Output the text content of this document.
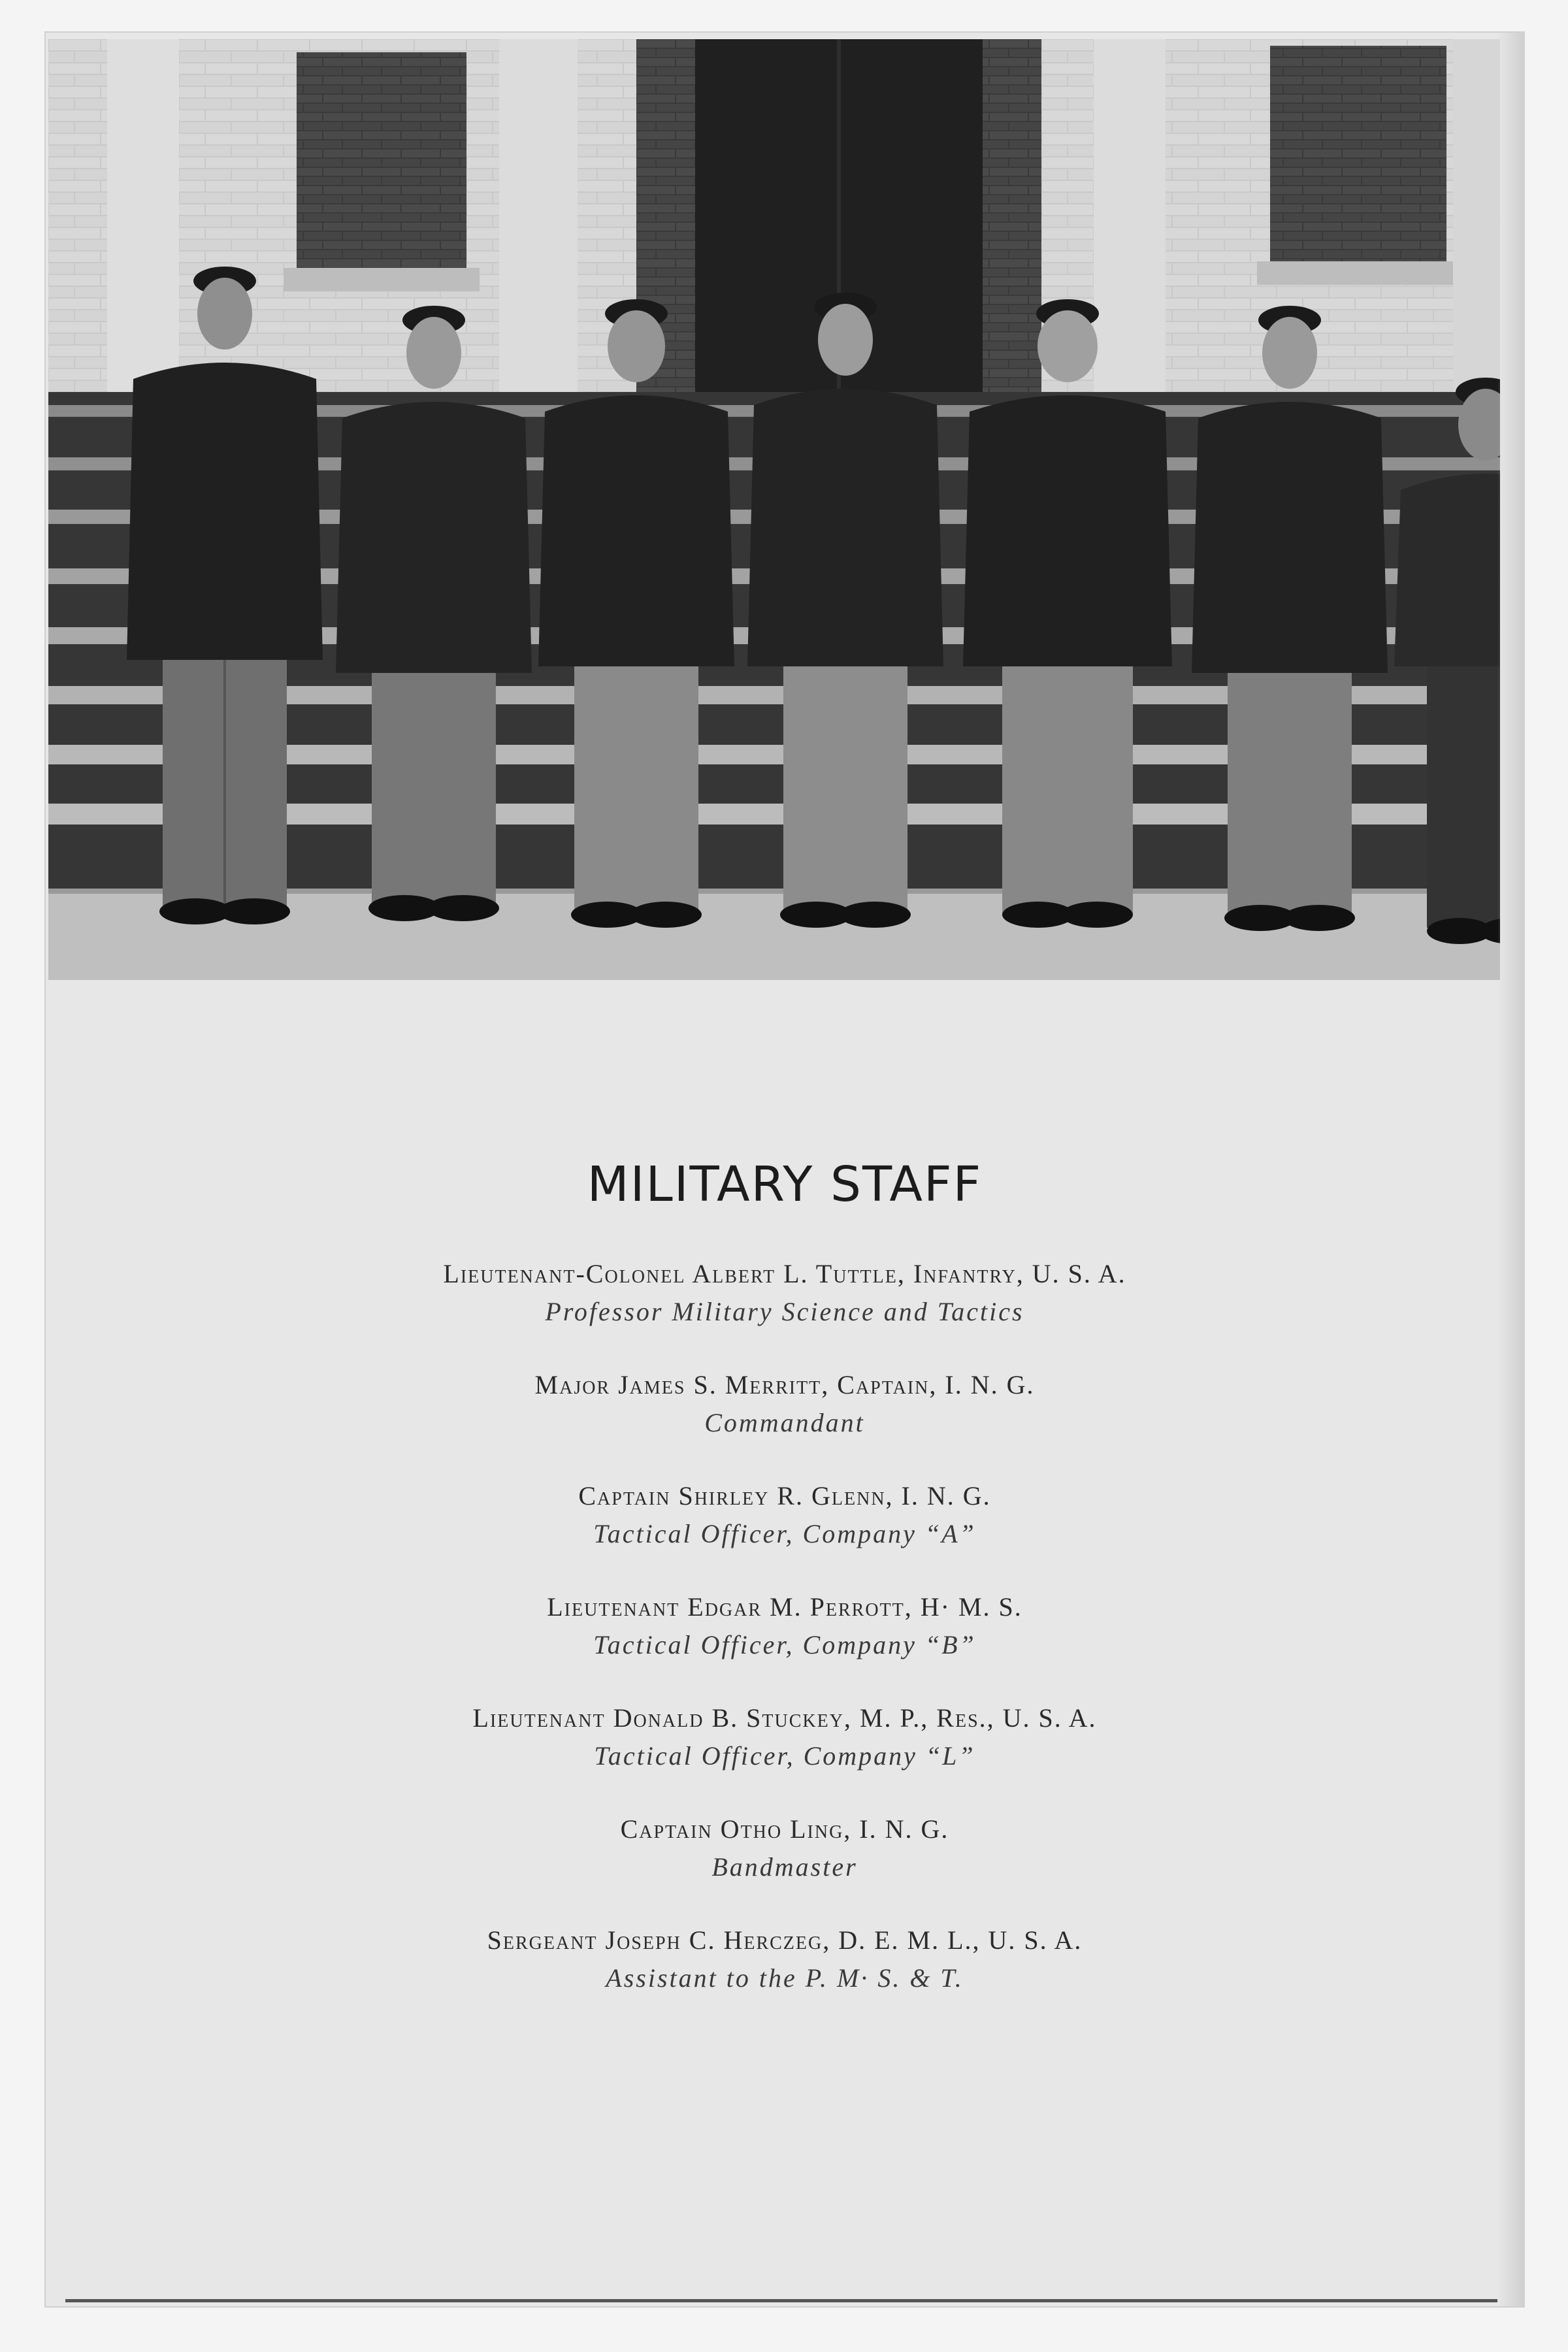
MILITARY STAFF
Lieutenant-Colonel Albert L. Tuttle, Infantry, U. S. A.
Professor Military Science and Tactics
Major James S. Merritt, Captain, I. N. G.
Commandant
Captain Shirley R. Glenn, I. N. G.
Tactical Officer, Company “A”
Lieutenant Edgar M. Perrott, H· M. S.
Tactical Officer, Company “B”
Lieutenant Donald B. Stuckey, M. P., Res., U. S. A.
Tactical Officer, Company “L”
Captain Otho Ling, I. N. G.
Bandmaster
Sergeant Joseph C. Herczeg, D. E. M. L., U. S. A.
Assistant to the P. M· S. & T.
